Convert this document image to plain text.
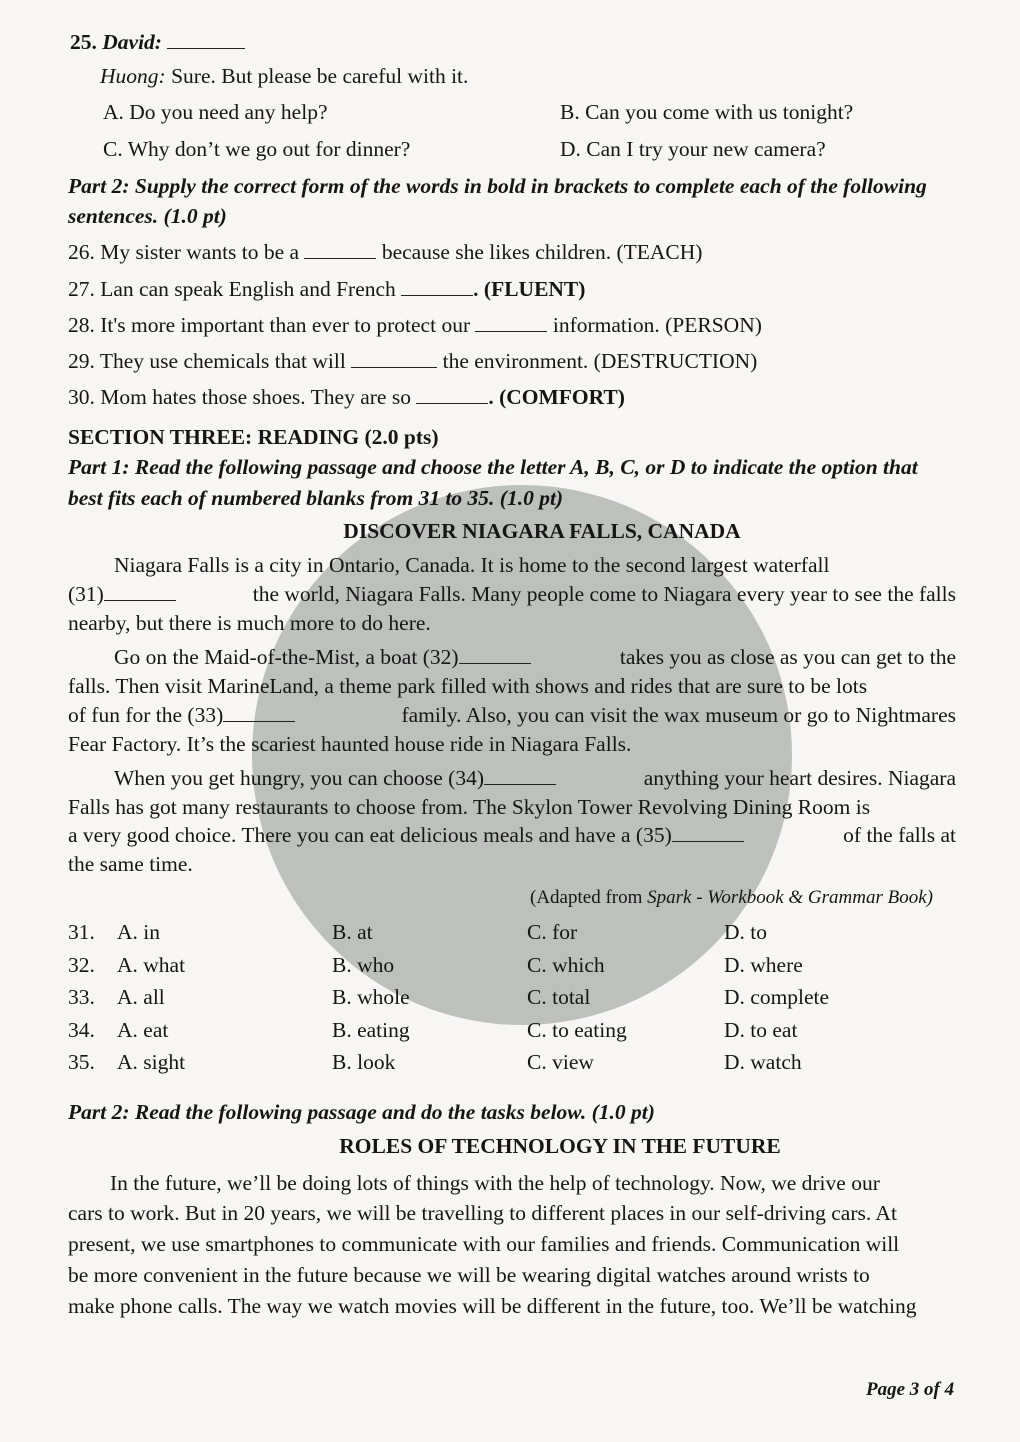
25. David:
Huong: Sure. But please be careful with it.
A. Do you need any help?	B. Can you come with us tonight?
C. Why don’t we go out for dinner?	D. Can I try your new camera?
Part 2: Supply the correct form of the words in bold in brackets to complete each of the following
sentences. (1.0 pt)
26. My sister wants to be a	because she likes children. (TEACH)
27. Lan can speak English and French	. (FLUENT)
28. It's more important than ever to protect our	information. (PERSON)
29. They use chemicals that will	the environment. (DESTRUCTION)
30. Mom hates those shoes. They are so	. (COMFORT)
SECTION THREE: READING (2.0 pts)
Part 1: Read the following passage and choose the letter A, B, C, or D to indicate the option that
best fits each of numbered blanks from 31 to 35. (1.0 pt)
DISCOVER NIAGARA FALLS, CANADA
Niagara Falls is a city in Ontario, Canada. It is home to the second largest waterfall
(31)	the world, Niagara Falls. Many people come to Niagara every year to see the falls
nearby, but there is much more to do here.
Go on the Maid-of-the-Mist, a boat (32)	takes you as close as you can get to the
falls. Then visit MarineLand, a theme park filled with shows and rides that are sure to be lots
of fun for the (33)	family. Also, you can visit the wax museum or go to Nightmares
Fear Factory. It’s the scariest haunted house ride in Niagara Falls.
When you get hungry, you can choose (34)	anything your heart desires. Niagara
Falls has got many restaurants to choose from. The Skylon Tower Revolving Dining Room is
a very good choice. There you can eat delicious meals and have a (35)	of the falls at
the same time.
(Adapted from Spark - Workbook & Grammar Book)
31. A. in	B. at	C. for	D. to
32. A. what	B. who	C. which	D. where
33. A. all	B. whole	C. total	D. complete
34. A. eat	B. eating	C. to eating	D. to eat
35. A. sight	B. look	C. view	D. watch
Part 2: Read the following passage and do the tasks below. (1.0 pt)
ROLES OF TECHNOLOGY IN THE FUTURE
In the future, we’ll be doing lots of things with the help of technology. Now, we drive our
cars to work. But in 20 years, we will be travelling to different places in our self-driving cars. At
present, we use smartphones to communicate with our families and friends. Communication will
be more convenient in the future because we will be wearing digital watches around wrists to
make phone calls. The way we watch movies will be different in the future, too. We’ll be watching
Page 3 of 4
